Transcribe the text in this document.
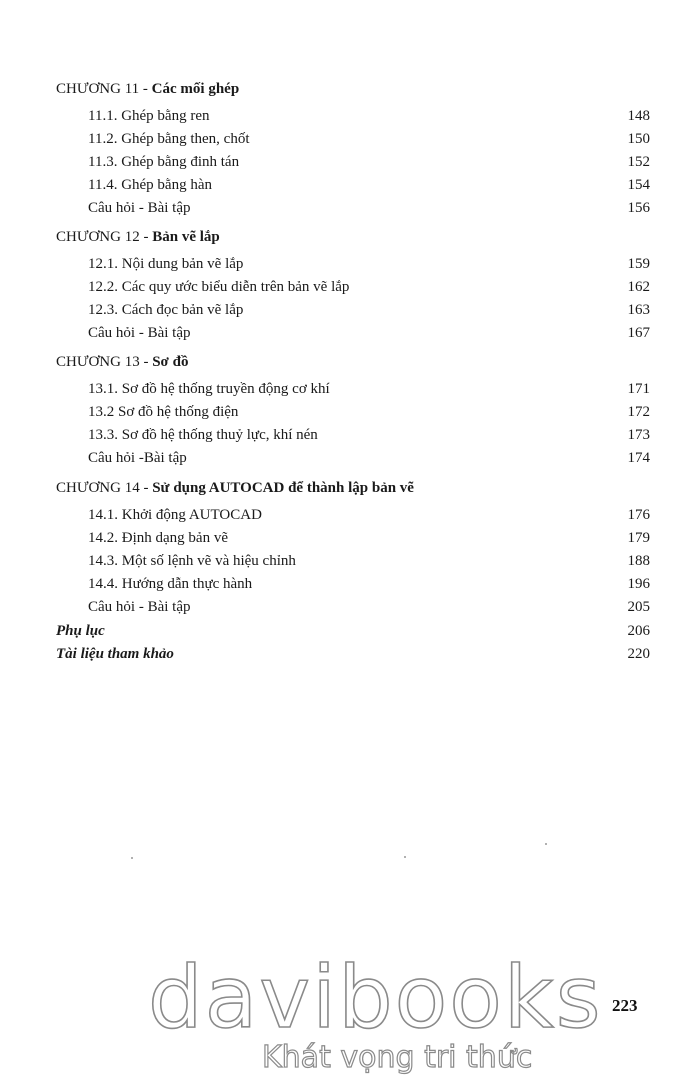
CHƯƠNG 11 - Các mối ghép
11.1. Ghép bằng ren	148
11.2. Ghép bằng then, chốt	150
11.3. Ghép bằng đinh tán	152
11.4. Ghép bằng hàn	154
Câu hỏi - Bài tập	156
CHƯƠNG 12 - Bản vẽ lắp
12.1. Nội dung bản vẽ lắp	159
12.2. Các quy ước biểu diễn trên bản vẽ lắp	162
12.3. Cách đọc bản vẽ lắp	163
Câu hỏi - Bài tập	167
CHƯƠNG 13 - Sơ đồ
13.1. Sơ đồ hệ thống truyền động cơ khí	171
13.2 Sơ đồ hệ thống điện	172
13.3. Sơ đồ hệ thống thuỷ lực, khí nén	173
Câu hỏi -Bài tập	174
CHƯƠNG 14 - Sử dụng AUTOCAD để thành lập bản vẽ
14.1. Khởi động AUTOCAD	176
14.2. Định dạng bản vẽ	179
14.3. Một số lệnh vẽ và hiệu chỉnh	188
14.4. Hướng dẫn thực hành	196
Câu hỏi - Bài tập	205
Phụ lục	206
Tài liệu tham khảo	220
223
davibooks
Khát vọng tri thức
